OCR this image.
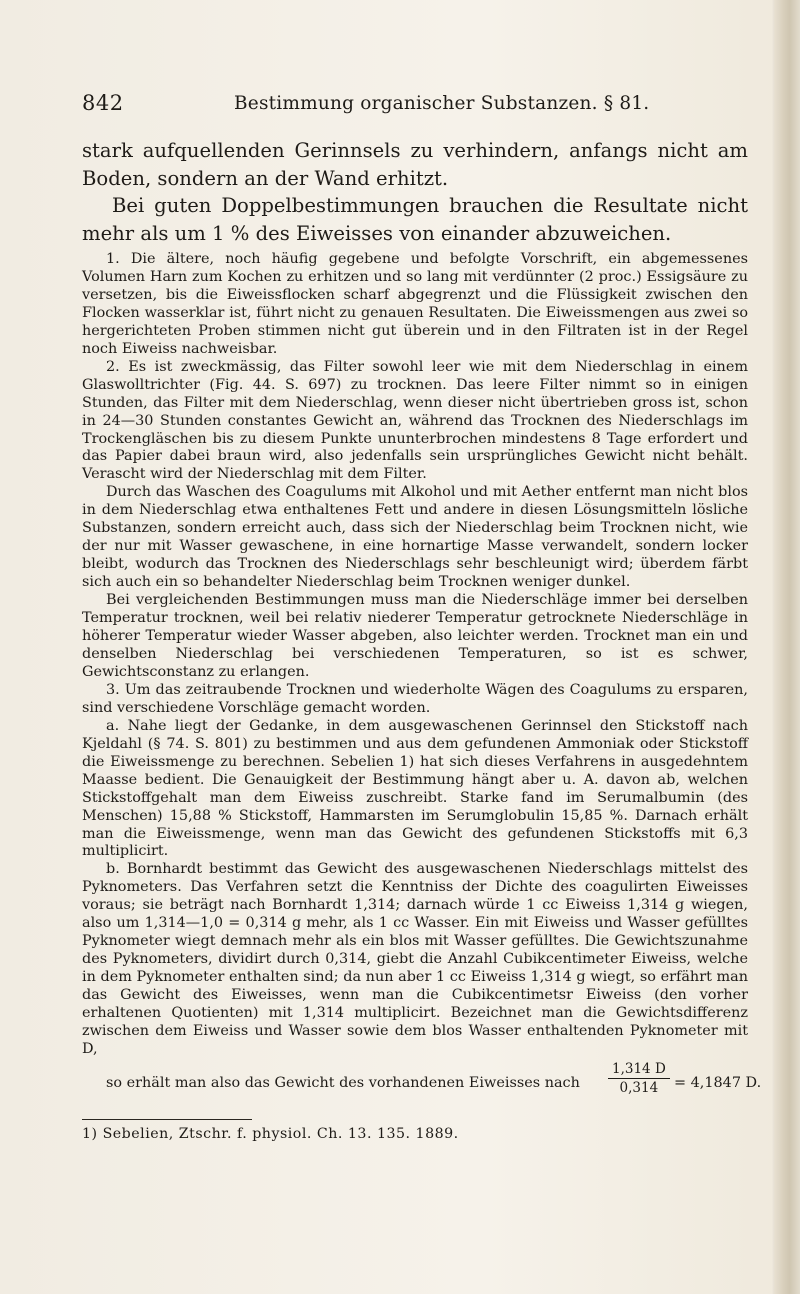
842	Bestimmung organischer Substanzen. § 81.

stark aufquellenden Gerinnsels zu verhindern, anfangs nicht am Boden, sondern an der Wand erhitzt.

Bei guten Doppelbestimmungen brauchen die Resultate nicht mehr als um 1 % des Eiweisses von einander abzuweichen.

1. Die ältere, noch häufig gegebene und befolgte Vorschrift, ein abgemessenes Volumen Harn zum Kochen zu erhitzen und so lang mit verdünnter (2 proc.) Essigsäure zu versetzen, bis die Eiweissflocken scharf abgegrenzt und die Flüssigkeit zwischen den Flocken wasserklar ist, führt nicht zu genauen Resultaten. Die Eiweissmengen aus zwei so hergerichteten Proben stimmen nicht gut überein und in den Filtraten ist in der Regel noch Eiweiss nachweisbar.

2. Es ist zweckmässig, das Filter sowohl leer wie mit dem Niederschlag in einem Glaswolltrichter (Fig. 44. S. 697) zu trocknen. Das leere Filter nimmt so in einigen Stunden, das Filter mit dem Niederschlag, wenn dieser nicht übertrieben gross ist, schon in 24—30 Stunden constantes Gewicht an, während das Trocknen des Niederschlags im Trockengläschen bis zu diesem Punkte ununterbrochen mindestens 8 Tage erfordert und das Papier dabei braun wird, also jedenfalls sein ursprüngliches Gewicht nicht behält. Verascht wird der Niederschlag mit dem Filter.

Durch das Waschen des Coagulums mit Alkohol und mit Aether entfernt man nicht blos in dem Niederschlag etwa enthaltenes Fett und andere in diesen Lösungsmitteln lösliche Substanzen, sondern erreicht auch, dass sich der Niederschlag beim Trocknen nicht, wie der nur mit Wasser gewaschene, in eine hornartige Masse verwandelt, sondern locker bleibt, wodurch das Trocknen des Niederschlags sehr beschleunigt wird; überdem färbt sich auch ein so behandelter Niederschlag beim Trocknen weniger dunkel.

Bei vergleichenden Bestimmungen muss man die Niederschläge immer bei derselben Temperatur trocknen, weil bei relativ niederer Temperatur getrocknete Niederschläge in höherer Temperatur wieder Wasser abgeben, also leichter werden. Trocknet man ein und denselben Niederschlag bei verschiedenen Temperaturen, so ist es schwer, Gewichtsconstanz zu erlangen.

3. Um das zeitraubende Trocknen und wiederholte Wägen des Coagulums zu ersparen, sind verschiedene Vorschläge gemacht worden.

a. Nahe liegt der Gedanke, in dem ausgewaschenen Gerinnsel den Stickstoff nach Kjeldahl (§ 74. S. 801) zu bestimmen und aus dem gefundenen Ammoniak oder Stickstoff die Eiweissmenge zu berechnen. Sebelien 1) hat sich dieses Verfahrens in ausgedehntem Maasse bedient. Die Genauigkeit der Bestimmung hängt aber u. A. davon ab, welchen Stickstoffgehalt man dem Eiweiss zuschreibt. Starke fand im Serumalbumin (des Menschen) 15,88 % Stickstoff, Hammarsten im Serumglobulin 15,85 %. Darnach erhält man die Eiweissmenge, wenn man das Gewicht des gefundenen Stickstoffs mit 6,3 multiplicirt.

b. Bornhardt bestimmt das Gewicht des ausgewaschenen Niederschlags mittelst des Pyknometers. Das Verfahren setzt die Kenntniss der Dichte des coagulirten Eiweisses voraus; sie beträgt nach Bornhardt 1,314; darnach würde 1 cc Eiweiss 1,314 g wiegen, also um 1,314—1,0 = 0,314 g mehr, als 1 cc Wasser. Ein mit Eiweiss und Wasser gefülltes Pyknometer wiegt demnach mehr als ein blos mit Wasser gefülltes. Die Gewichtszunahme des Pyknometers, dividirt durch 0,314, giebt die Anzahl Cubikcentimeter Eiweiss, welche in dem Pyknometer enthalten sind; da nun aber 1 cc Eiweiss 1,314 g wiegt, so erfährt man das Gewicht des Eiweisses, wenn man die Cubikcentimetsr Eiweiss (den vorher erhaltenen Quotienten) mit 1,314 multiplicirt. Bezeichnet man die Gewichtsdifferenz zwischen dem Eiweiss und Wasser sowie dem blos Wasser enthaltenden Pyknometer mit D,

so erhält man also das Gewicht des vorhandenen Eiweisses nach $\frac{1,314 D}{0,314} = 4,1847$ D.
1) Sebelien, Ztschr. f. physiol. Ch. 13. 135. 1889.
